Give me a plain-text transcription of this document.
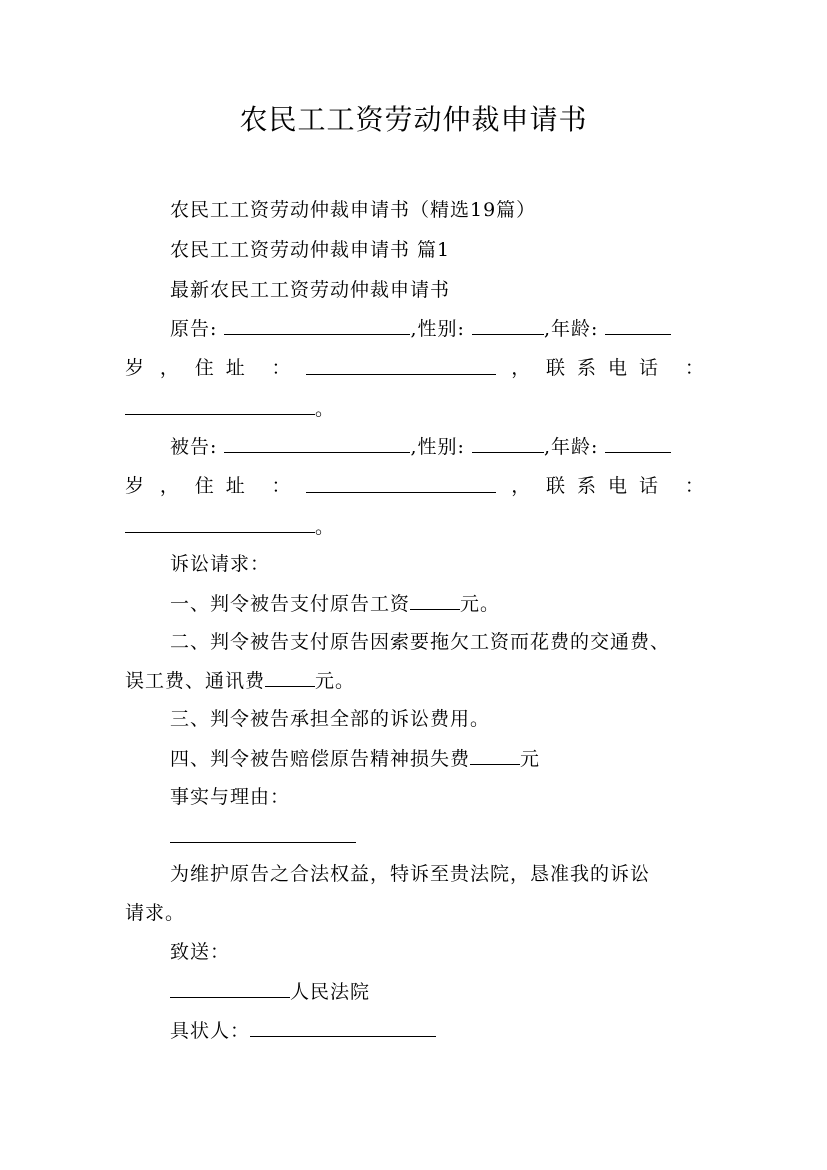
农民工工资劳动仲裁申请书
农民工工资劳动仲裁申请书（精选19篇）
农民工工资劳动仲裁申请书 篇1
最新农民工工资劳动仲裁申请书
原告:	,性别:	,年龄:
岁 ， 住址 ：	， 联系电话 ：
。
被告:	,性别:	,年龄:
岁 ， 住址 ：	， 联系电话 ：
。
诉讼请求：
一、判令被告支付原告工资	元。
二、判令被告支付原告因索要拖欠工资而花费的交通费、
误工费、通讯费	元。
三、判令被告承担全部的诉讼费用。
四、判令被告赔偿原告精神损失费	元
事实与理由：
为维护原告之合法权益，特诉至贵法院，恳准我的诉讼
请求。
致送：
人民法院
具状人：
